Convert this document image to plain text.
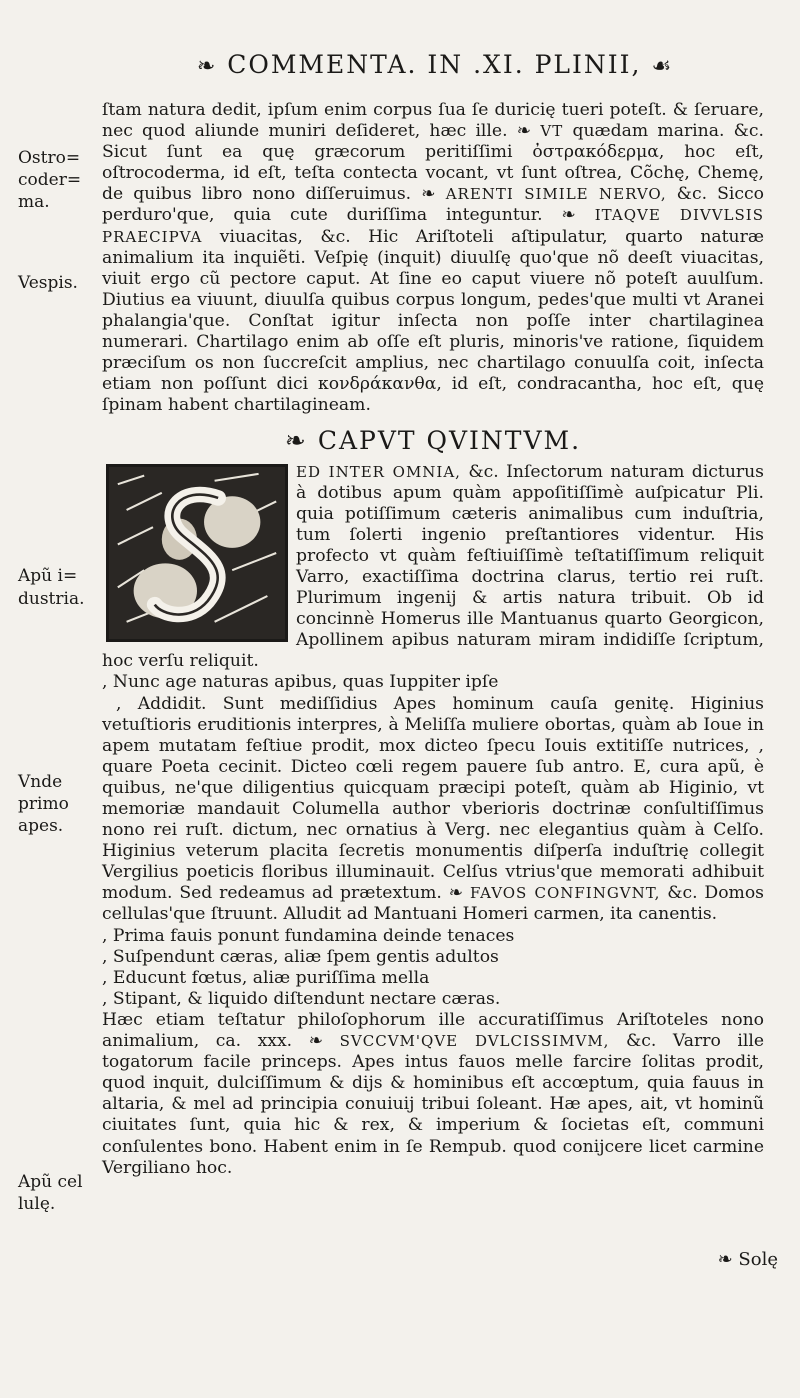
❧ COMMENTA. IN .XI. PLINII, ☙
Ostro=
coder=
ma.
Vespis.
Apũ i=
dustria.
Vnde
primo
apes.
Apũ cel
lulę.

ſtam natura dedit, ipſum enim corpus ſua ſe duricię tueri poteſt. & ſeruare, nec quod aliunde muniri deſideret, hæc ille. ❧ VT quædam marina. &c. Sicut ſunt ea quę græcorum peritiſſimi ὀστρακόδερμα, hoc eſt, oſtrocoderma, id eſt, teſta contecta vocant, vt ſunt oſtrea, Cõchę, Chemę, de quibus libro nono diſſeruimus. ❧ ARENTI SIMILE NERVO, &c. Sicco perduro'que, quia cute duriſſima integuntur. ❧ ITAQVE DIVVLSIS PRAECIPVA viuacitas, &c. Hic Ariſtoteli aſtipulatur, quarto naturæ animalium ita inquiẽti. Veſpię (inquit) diuulſę quo'que nõ deeſt viuacitas, viuit ergo cũ pectore caput. At ſine eo caput viuere nõ poteſt auulſum. Diutius ea viuunt, diuulſa quibus corpus longum, pedes'que multi vt Aranei phalangia'que. Conſtat igitur inſecta non poſſe inter chartilaginea numerari. Chartilago enim ab oſſe eſt pluris, minoris've ratione, ſiquidem præciſum os non ſuccreſcit amplius, nec chartilago conuulſa coit, inſecta etiam non poſſunt dici κονδράκανθα, id eſt, condracantha, hoc eſt, quę ſpinam habent chartilagineam.

❧ CAPVT QVINTVM.

ED INTER OMNIA, &c. Inſectorum naturam dicturus à dotibus apum quàm appoſitiſſimè auſpicatur Pli. quia potiſſimum cæteris animalibus cum induſtria, tum ſolerti ingenio preſtantiores videntur. His profecto vt quàm feſtiuiſſimè teſtatiſſimum reliquit Varro, exactiſſima doctrina clarus, tertio rei ruſt. Plurimum ingenij & artis natura tribuit. Ob id concinnè Homerus ille Mantuanus quarto Georgicon, Apollinem apibus naturam miram indidiſſe ſcriptum, hoc verſu reliquit.

, Nunc age naturas apibus, quas Iuppiter ipſe

, Addidit. Sunt mediſſidius Apes hominum cauſa genitę. Higinius vetuſtioris eruditionis interpres, à Meliſſa muliere obortas, quàm ab Ioue in apem mutatam feſtiue prodit, mox dicteo ſpecu Iouis extitiſſe nutrices, , quare Poeta cecinit. Dicteo cœli regem pauere ſub antro. E, cura apũ, è quibus, ne'que diligentius quicquam præcipi poteſt, quàm ab Higinio, vt memoriæ mandauit Columella author vberioris doctrinæ conſultiſſimus nono rei ruſt. dictum, nec ornatius à Verg. nec elegantius quàm à Celſo. Higinius veterum placita ſecretis monumentis diſperſa induſtrię collegit Vergilius poeticis floribus illuminauit. Celſus vtrius'que memorati adhibuit modum. Sed redeamus ad prætextum. ❧ FAVOS CONFINGVNT, &c. Domos cellulas'que ſtruunt. Alludit ad Mantuani Homeri carmen, ita canentis.

, Prima fauis ponunt fundamina deinde tenaces

, Suſpendunt cæras, aliæ ſpem gentis adultos

, Educunt fœtus, aliæ puriſſima mella

, Stipant, & liquido diſtendunt nectare cæras.

Hæc etiam teſtatur philoſophorum ille accuratiſſimus Ariſtoteles nono animalium, ca. xxx. ❧ SVCCVM'QVE DVLCISSIMVM, &c. Varro ille togatorum facile princeps. Apes intus fauos melle farcire ſolitas prodit, quod inquit, dulciſſimum & dijs & hominibus eſt accœptum, quia fauus in altaria, & mel ad principia conuiuij tribui ſoleant. Hæ apes, ait, vt hominũ ciuitates ſunt, quia hic & rex, & imperium & ſocietas eſt, communi conſulentes bono. Habent enim in ſe Rempub. quod conijcere licet carmine Vergiliano hoc.

❧ Solę
